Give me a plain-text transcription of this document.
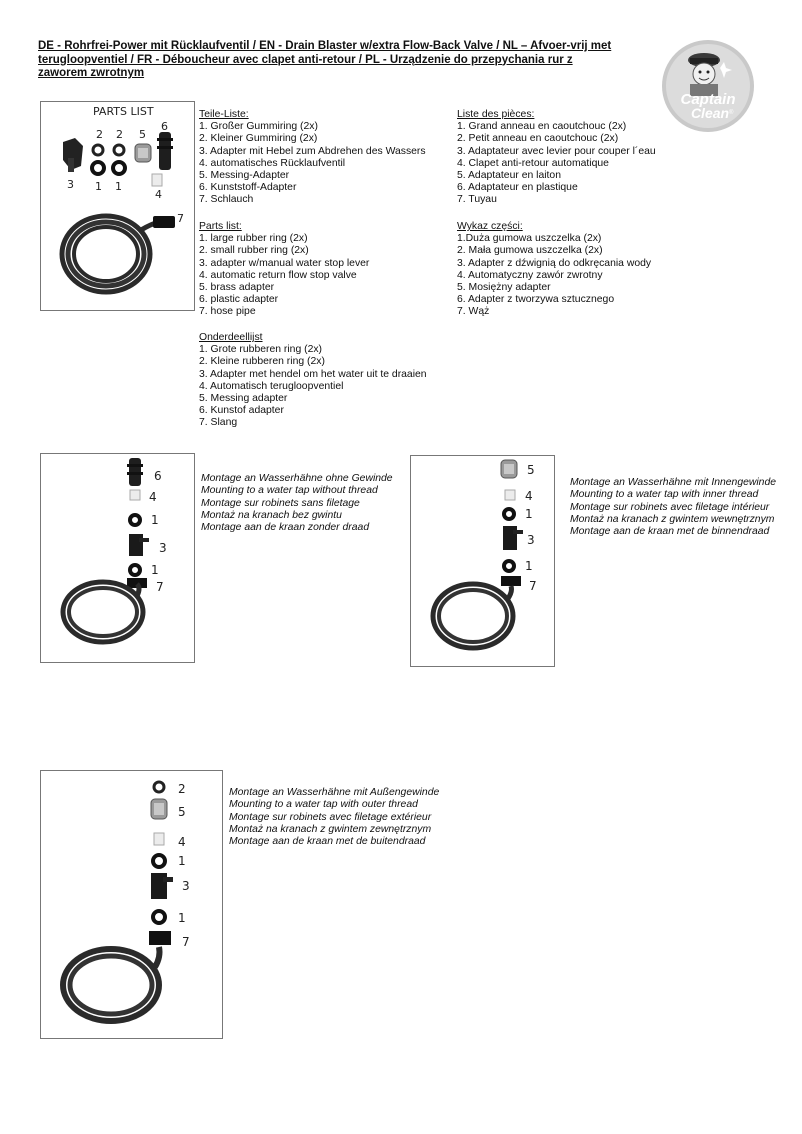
DE - Rohrfrei-Power mit Rücklaufventil / EN - Drain Blaster w/extra Flow-Back Valve / NL – Afvoer-vrij met
terugloopventiel / FR - Déboucheur avec clapet anti-retour / PL - Urządzenie do przepychania rur z
zaworem zwrotnym
Captain
Clean ®
PARTS LIST
2 2 5
6
3 1 1
4
7
Teile-Liste:
1. Großer Gummiring (2x)
2. Kleiner Gummiring (2x)
3. Adapter mit Hebel zum Abdrehen des Wassers
4. automatisches Rücklaufventil
5. Messing-Adapter
6. Kunststoff-Adapter
7. Schlauch
Parts list:
1. large rubber ring (2x)
2. small rubber ring (2x)
3. adapter w/manual water stop lever
4. automatic return flow stop valve
5. brass adapter
6. plastic adapter
7. hose pipe
Onderdeellijst
1. Grote rubberen ring (2x)
2. Kleine rubberen ring (2x)
3. Adapter met hendel om het water uit te draaien
4. Automatisch terugloopventiel
5. Messing adapter
6. Kunstof adapter
7. Slang
Liste des pièces:
1. Grand anneau en caoutchouc (2x)
2. Petit anneau en caoutchouc (2x)
3. Adaptateur avec levier pour couper l´eau
4. Clapet anti-retour automatique
5. Adaptateur en laiton
6. Adaptateur en plastique
7. Tuyau
Wykaz części:
1.Duża gumowa uszczelka (2x)
2. Mała gumowa uszczelka (2x)
3. Adapter z dźwignią do odkręcania wody
4. Automatyczny zawór zwrotny
5. Mosiężny adapter
6. Adapter z tworzywa sztucznego
7. Wąż
6
4
1
3
1
7
Montage an Wasserhähne ohne Gewinde
Mounting to a water tap without thread
Montage sur robinets sans filetage
Montaż na kranach bez gwintu
Montage aan de kraan zonder draad
5
4
1
3
1
7
Montage an Wasserhähne mit Innengewinde
Mounting to a water tap with inner thread
Montage sur robinets avec filetage intérieur
Montaż na kranach z gwintem wewnętrznym
Montage aan de kraan met de binnendraad
2
5
4
1
3
1
7
Montage an Wasserhähne mit Außengewinde
Mounting to a water tap with outer thread
Montage sur robinets avec filetage extérieur
Montaż na kranach z gwintem zewnętrznym
Montage aan de kraan met de buitendraad
